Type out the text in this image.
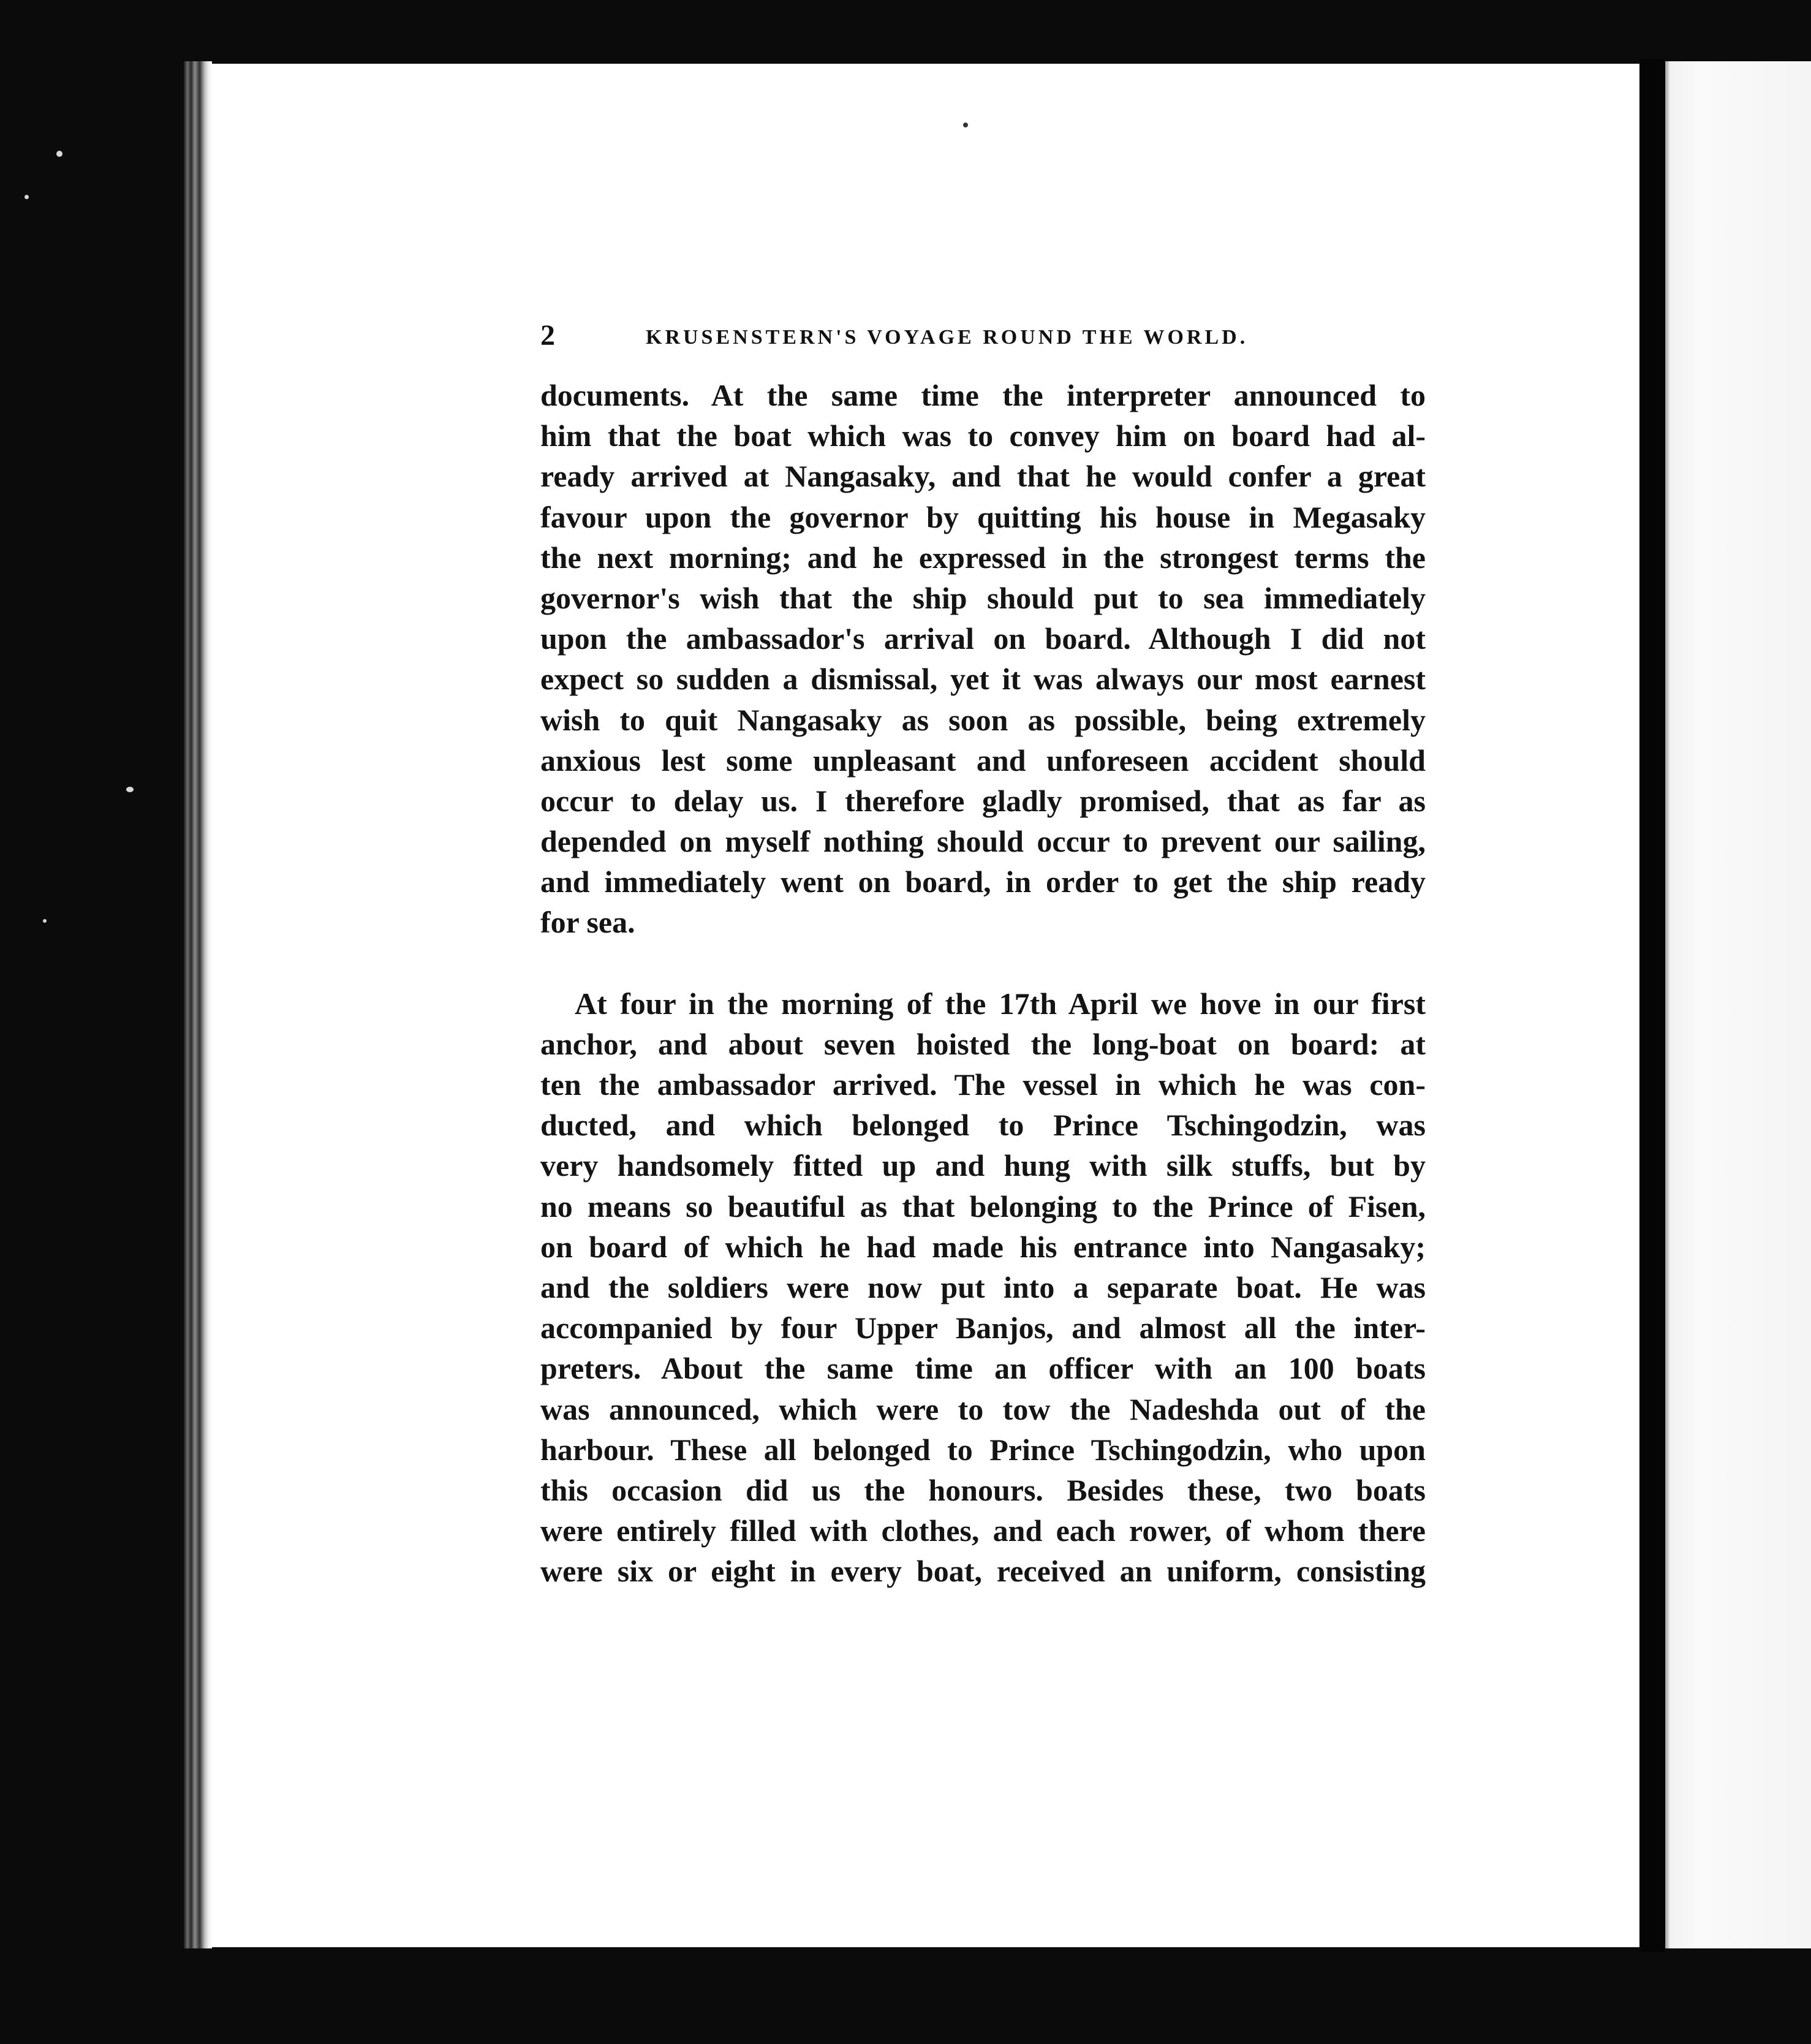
2	KRUSENSTERN'S VOYAGE ROUND THE WORLD.
documents. At the same time the interpreter announced to
him that the boat which was to convey him on board had al-
ready arrived at Nangasaky, and that he would confer a great
favour upon the governor by quitting his house in Megasaky
the next morning; and he expressed in the strongest terms the
governor's wish that the ship should put to sea immediately
upon the ambassador's arrival on board. Although I did not
expect so sudden a dismissal, yet it was always our most earnest
wish to quit Nangasaky as soon as possible, being extremely
anxious lest some unpleasant and unforeseen accident should
occur to delay us. I therefore gladly promised, that as far as
depended on myself nothing should occur to prevent our sailing,
and immediately went on board, in order to get the ship ready
for sea.
At four in the morning of the 17th April we hove in our first
anchor, and about seven hoisted the long-boat on board: at
ten the ambassador arrived. The vessel in which he was con-
ducted, and which belonged to Prince Tschingodzin, was
very handsomely fitted up and hung with silk stuffs, but by
no means so beautiful as that belonging to the Prince of Fisen,
on board of which he had made his entrance into Nangasaky;
and the soldiers were now put into a separate boat. He was
accompanied by four Upper Banjos, and almost all the inter-
preters. About the same time an officer with an 100 boats
was announced, which were to tow the Nadeshda out of the
harbour. These all belonged to Prince Tschingodzin, who upon
this occasion did us the honours. Besides these, two boats
were entirely filled with clothes, and each rower, of whom there
were six or eight in every boat, received an uniform, consisting
